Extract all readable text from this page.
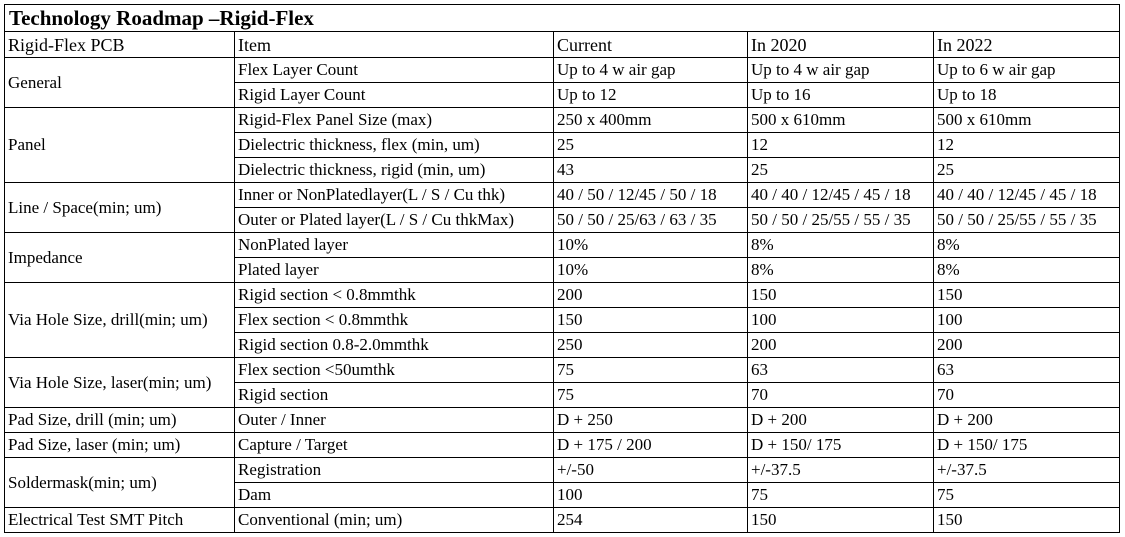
Technology Roadmap –Rigid-Flex				
Rigid-Flex PCB	Item	Current	In 2020	In 2022
General	Flex Layer Count	Up to 4 w air gap	Up to 4 w air gap	Up to 6 w air gap
	Rigid Layer Count	Up to 12	Up to 16	Up to 18
Panel	Rigid-Flex Panel Size (max)	250 x 400mm	500 x 610mm	500 x 610mm
	Dielectric thickness, flex (min, um)	25	12	12
	Dielectric thickness, rigid (min, um)	43	25	25
Line / Space(min; um)	Inner or NonPlatedlayer(L / S / Cu thk)	40 / 50 / 12/45 / 50 / 18	40 / 40 / 12/45 / 45 / 18	40 / 40 / 12/45 / 45 / 18
	Outer or Plated layer(L / S / Cu thkMax)	50 / 50 / 25/63 / 63 / 35	50 / 50 / 25/55 / 55 / 35	50 / 50 / 25/55 / 55 / 35
Impedance	NonPlated layer	10%	8%	8%
	Plated layer	10%	8%	8%
Via Hole Size, drill(min; um)	Rigid section < 0.8mmthk	200	150	150
	Flex section < 0.8mmthk	150	100	100
	Rigid section 0.8-2.0mmthk	250	200	200
Via Hole Size, laser(min; um)	Flex section <50umthk	75	63	63
	Rigid section	75	70	70
Pad Size, drill (min; um)	Outer / Inner	D + 250	D + 200	D + 200
Pad Size, laser (min; um)	Capture / Target	D + 175 / 200	D + 150/ 175	D + 150/ 175
Soldermask(min; um)	Registration	+/-50	+/-37.5	+/-37.5
	Dam	100	75	75
Electrical Test SMT Pitch	Conventional (min; um)	254	150	150
